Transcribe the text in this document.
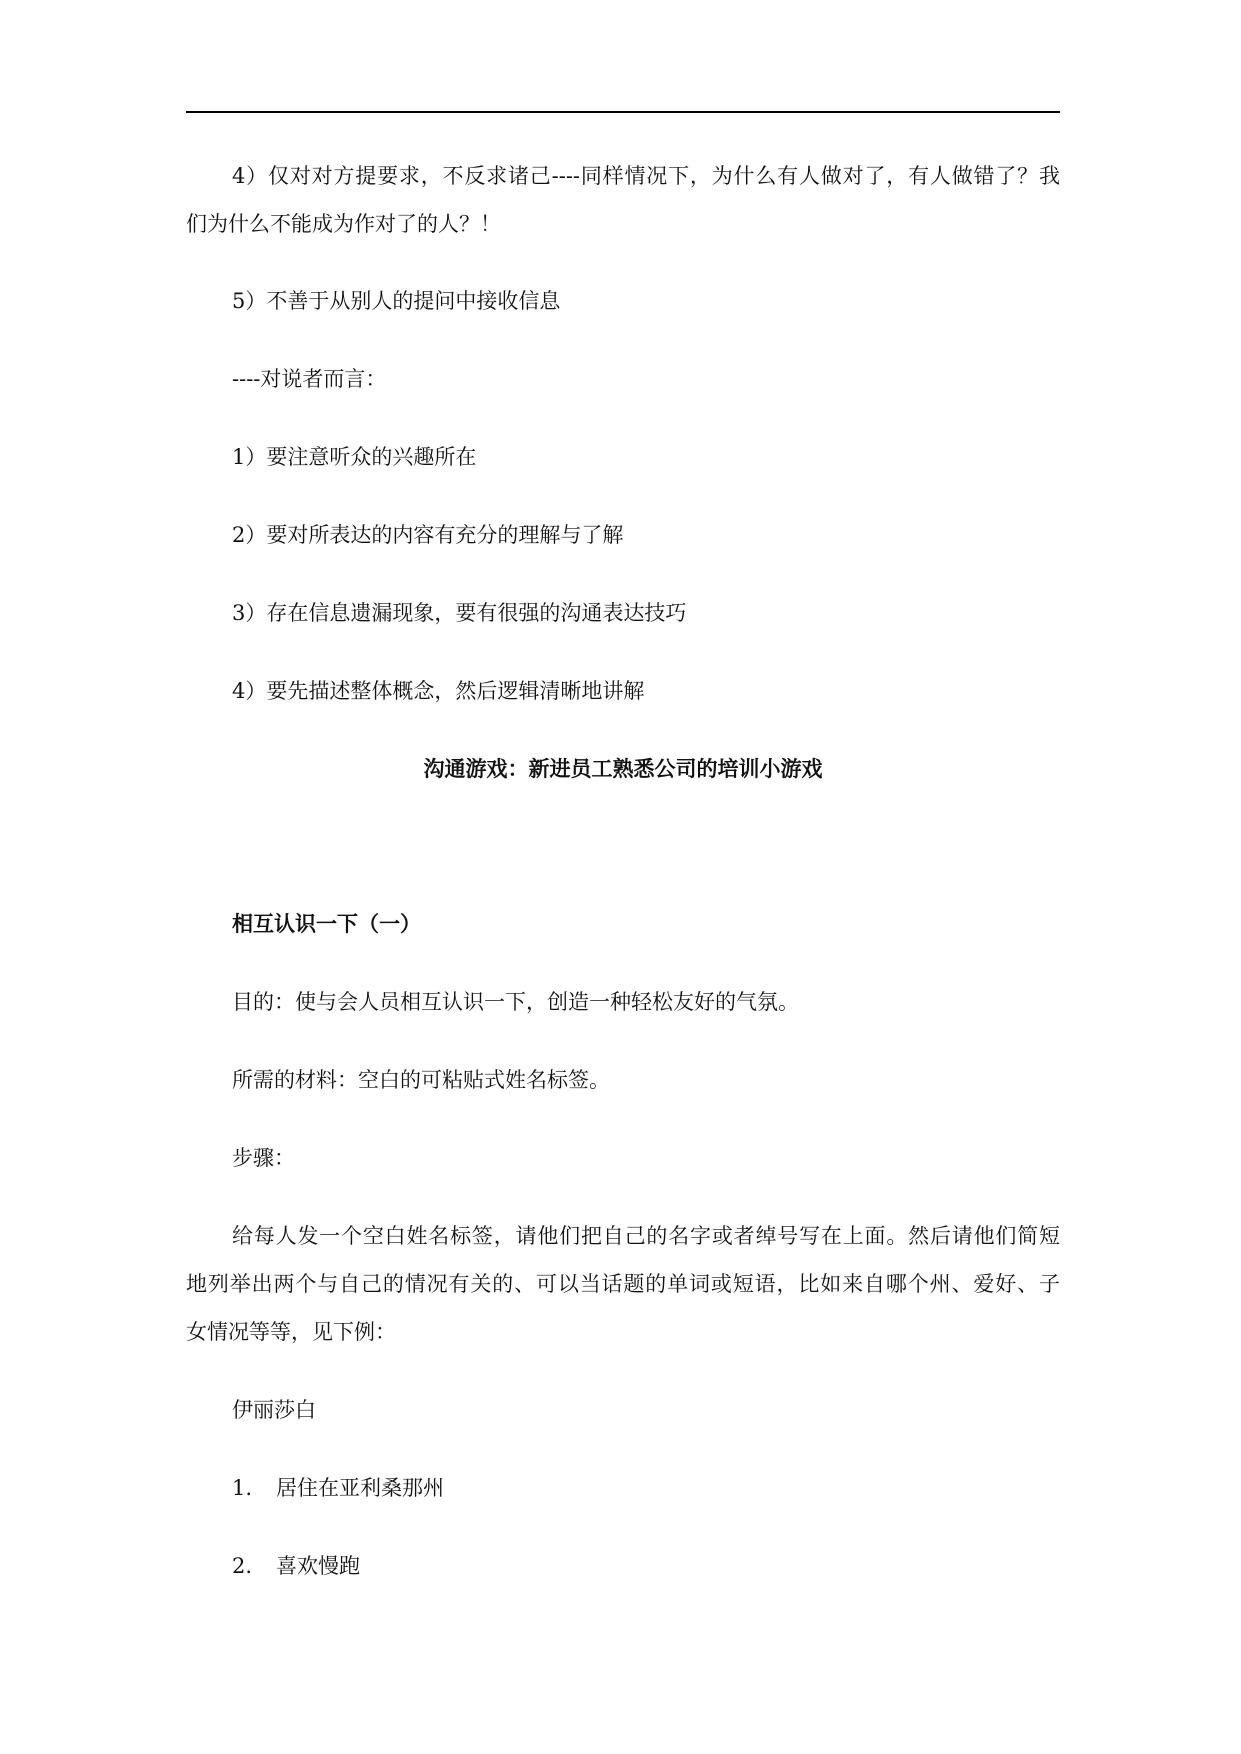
4）仅对对方提要求，不反求诸己----同样情况下，为什么有人做对了，有人做错了？我
们为什么不能成为作对了的人？！
5）不善于从别人的提问中接收信息
----对说者而言：
1）要注意听众的兴趣所在
2）要对所表达的内容有充分的理解与了解
3）存在信息遗漏现象，要有很强的沟通表达技巧
4）要先描述整体概念，然后逻辑清晰地讲解
沟通游戏：新进员工熟悉公司的培训小游戏
相互认识一下（一）
目的：使与会人员相互认识一下，创造一种轻松友好的气氛。
所需的材料：空白的可粘贴式姓名标签。
步骤：
给每人发一个空白姓名标签，请他们把自己的名字或者绰号写在上面。然后请他们简短
地列举出两个与自己的情况有关的、可以当话题的单词或短语，比如来自哪个州、爱好、子
女情况等等，见下例：
伊丽莎白
1. 居住在亚利桑那州
2. 喜欢慢跑
